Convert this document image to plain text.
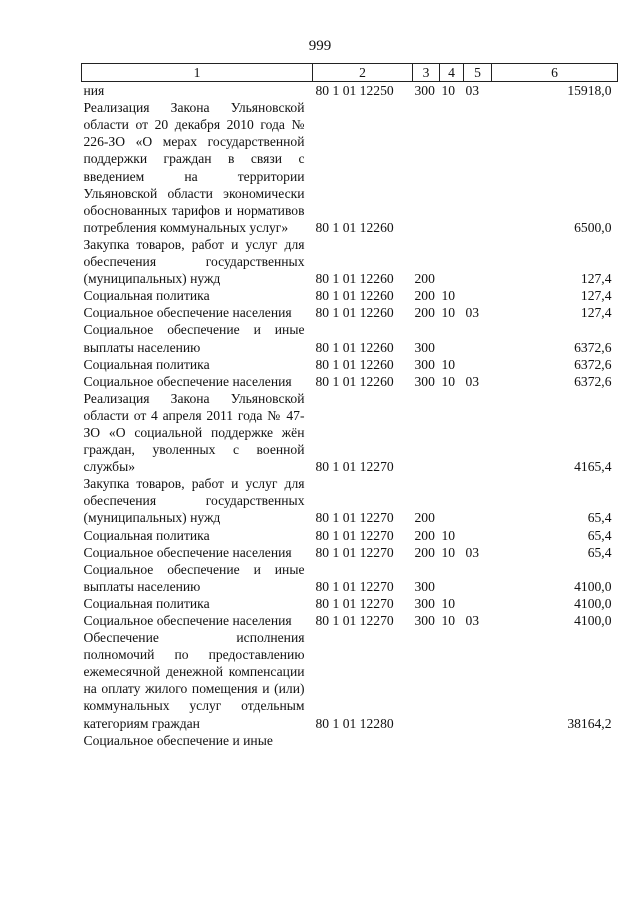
999
1	2	3	4	5	6
ния	80 1 01 12250	300	10	03	15918,0
Реализация Закона Ульяновской области от 20 декабря 2010 года № 226-ЗО «О мерах государственной поддержки граждан в связи с введением на территории Ульяновской области экономически обоснованных тарифов и нормативов потребления коммунальных услуг»	80 1 01 12260				6500,0
Закупка товаров, работ и услуг для обеспечения государственных (муниципальных) нужд	80 1 01 12260	200			127,4
Социальная политика	80 1 01 12260	200	10		127,4
Социальное обеспечение населения	80 1 01 12260	200	10	03	127,4
Социальное обеспечение и иные выплаты населению	80 1 01 12260	300			6372,6
Социальная политика	80 1 01 12260	300	10		6372,6
Социальное обеспечение населения	80 1 01 12260	300	10	03	6372,6
Реализация Закона Ульяновской области от 4 апреля 2011 года № 47-ЗО «О социальной поддержке жён граждан, уволенных с военной службы»	80 1 01 12270				4165,4
Закупка товаров, работ и услуг для обеспечения государственных (муниципальных) нужд	80 1 01 12270	200			65,4
Социальная политика	80 1 01 12270	200	10		65,4
Социальное обеспечение населения	80 1 01 12270	200	10	03	65,4
Социальное обеспечение и иные выплаты населению	80 1 01 12270	300			4100,0
Социальная политика	80 1 01 12270	300	10		4100,0
Социальное обеспечение населения	80 1 01 12270	300	10	03	4100,0
Обеспечение исполнения полномочий по предоставлению ежемесячной денежной компенсации на оплату жилого помещения и (или) коммунальных услуг отдельным категориям граждан	80 1 01 12280				38164,2
Социальное обеспечение и иные					
